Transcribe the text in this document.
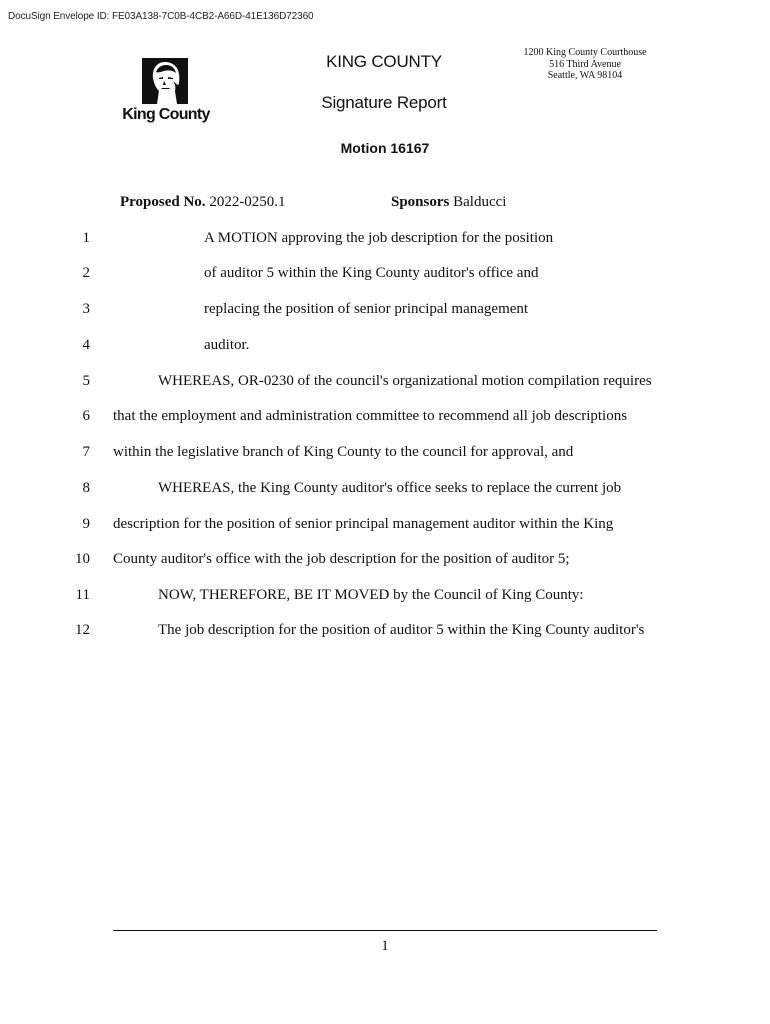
DocuSign Envelope ID: FE03A138-7C0B-4CB2-A66D-41E136D72360
King County
KING COUNTY
Signature Report
1200 King County Courthouse
516 Third Avenue
Seattle, WA 98104
Motion 16167
Proposed No. 2022-0250.1	Sponsors Balducci
1	A MOTION approving the job description for the position
2	of auditor 5 within the King County auditor's office and
3	replacing the position of senior principal management
4	auditor.
5	WHEREAS, OR-0230 of the council's organizational motion compilation requires
6 that the employment and administration committee to recommend all job descriptions
7 within the legislative branch of King County to the council for approval, and
8	WHEREAS, the King County auditor's office seeks to replace the current job
9 description for the position of senior principal management auditor within the King
10 County auditor's office with the job description for the position of auditor 5;
11	NOW, THEREFORE, BE IT MOVED by the Council of King County:
12	The job description for the position of auditor 5 within the King County auditor's
1
